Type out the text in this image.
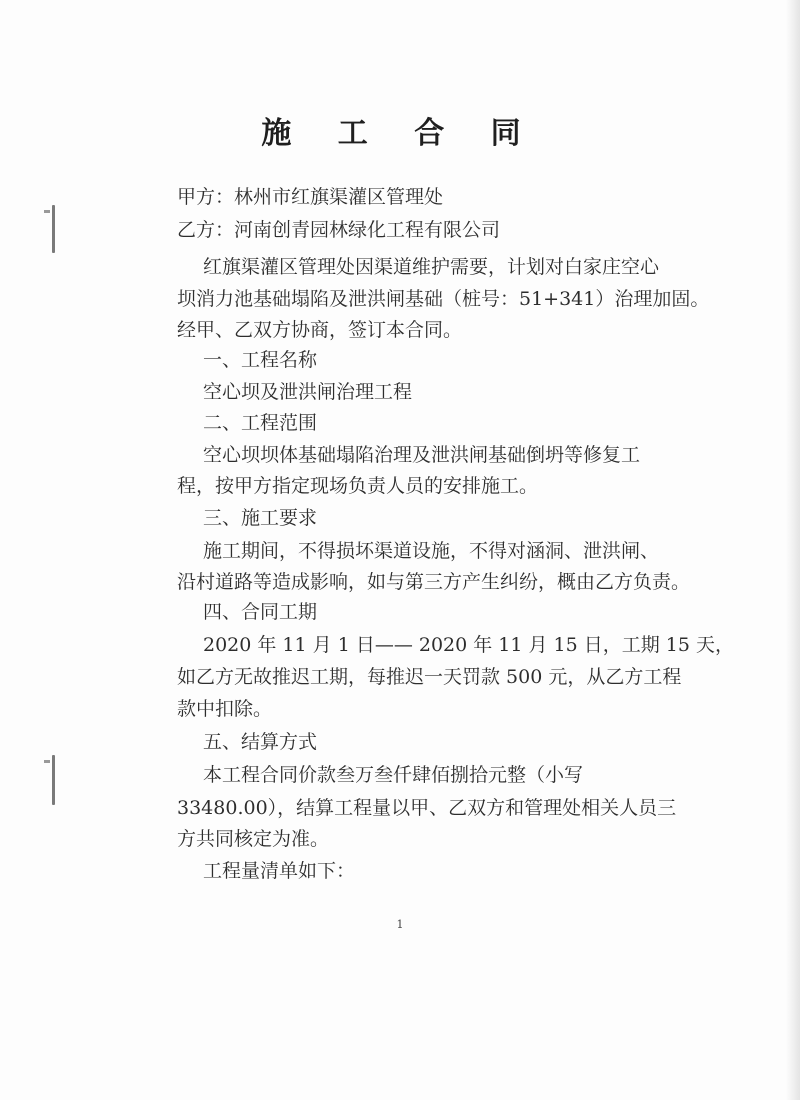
施 工 合 同
甲方：林州市红旗渠灌区管理处
乙方：河南创青园林绿化工程有限公司
红旗渠灌区管理处因渠道维护需要，计划对白家庄空心
坝消力池基础塌陷及泄洪闸基础（桩号：51+341）治理加固。
经甲、乙双方协商，签订本合同。
一、工程名称
空心坝及泄洪闸治理工程
二、工程范围
空心坝坝体基础塌陷治理及泄洪闸基础倒坍等修复工
程，按甲方指定现场负责人员的安排施工。
三、施工要求
施工期间，不得损坏渠道设施，不得对涵洞、泄洪闸、
沿村道路等造成影响，如与第三方产生纠纷，概由乙方负责。
四、合同工期
2020 年 11 月 1 日—— 2020 年 11 月 15 日，工期 15 天，
如乙方无故推迟工期，每推迟一天罚款 500 元，从乙方工程
款中扣除。
五、结算方式
本工程合同价款叁万叁仟肆佰捌拾元整（小写
33480.00），结算工程量以甲、乙双方和管理处相关人员三
方共同核定为准。
工程量清单如下：
1
